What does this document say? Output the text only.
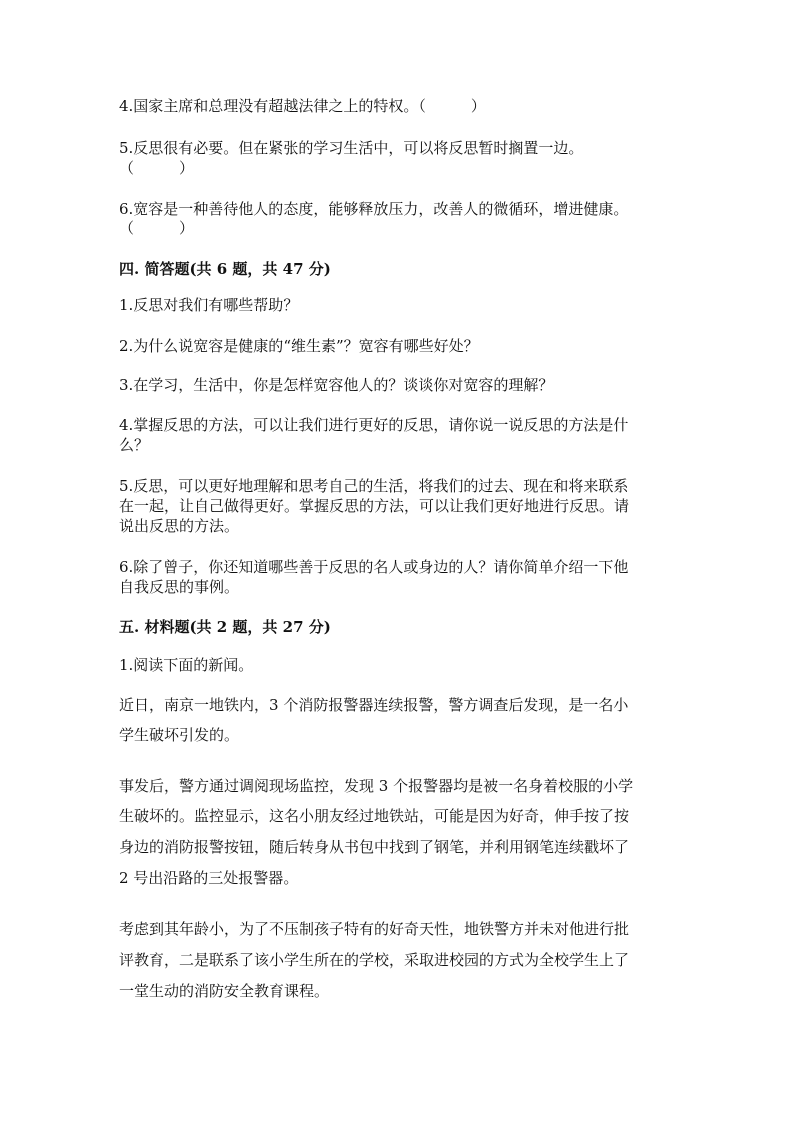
4.国家主席和总理没有超越法律之上的特权。（　　　）
5.反思很有必要。但在紧张的学习生活中，可以将反思暂时搁置一边。
（　　　）
6.宽容是一种善待他人的态度，能够释放压力，改善人的微循环，增进健康。
（　　　）
四. 简答题(共 6 题，共 47 分)
1.反思对我们有哪些帮助？
2.为什么说宽容是健康的“维生素”？宽容有哪些好处？
3.在学习，生活中，你是怎样宽容他人的？谈谈你对宽容的理解？
4.掌握反思的方法，可以让我们进行更好的反思，请你说一说反思的方法是什
么？
5.反思，可以更好地理解和思考自己的生活，将我们的过去、现在和将来联系
在一起，让自己做得更好。掌握反思的方法，可以让我们更好地进行反思。请
说出反思的方法。
6.除了曾子，你还知道哪些善于反思的名人或身边的人？请你简单介绍一下他
自我反思的事例。
五. 材料题(共 2 题，共 27 分)
1.阅读下面的新闻。
近日，南京一地铁内，3 个消防报警器连续报警，警方调查后发现，是一名小
学生破坏引发的。
事发后，警方通过调阅现场监控，发现 3 个报警器均是被一名身着校服的小学
生破坏的。监控显示，这名小朋友经过地铁站，可能是因为好奇，伸手按了按
身边的消防报警按钮，随后转身从书包中找到了钢笔，并利用钢笔连续戳坏了
2 号出沿路的三处报警器。
考虑到其年龄小，为了不压制孩子特有的好奇天性，地铁警方并未对他进行批
评教育，二是联系了该小学生所在的学校，采取进校园的方式为全校学生上了
一堂生动的消防安全教育课程。
